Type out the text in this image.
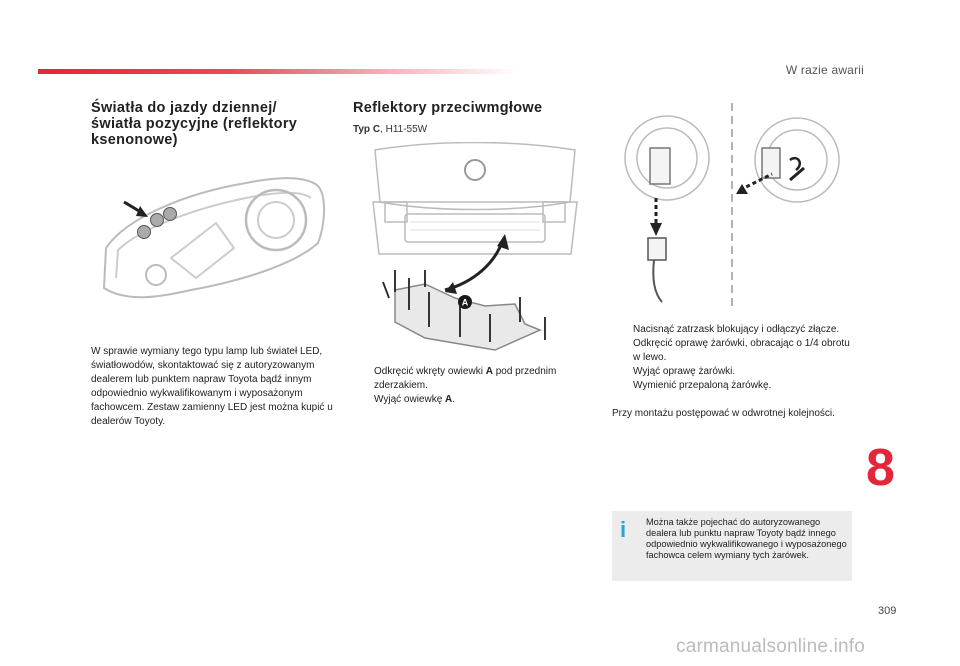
W razie awarii
Światła do jazdy dziennej/ światła pozycyjne (reflektory ksenonowe)
W sprawie wymiany tego typu lamp lub świateł LED, światłowodów, skontaktować się z autoryzowanym dealerem lub punktem napraw Toyota bądź innym odpowiednio wykwalifikowanym i wyposażonym fachowcem. Zestaw zamienny LED jest można kupić u dealerów Toyoty.
Reflektory przeciwmgłowe
Typ C, H11-55W
A
Odkręcić wkręty owiewki A pod przednim zderzakiem.
Wyjąć owiewkę A.
Nacisnąć zatrzask blokujący i odłączyć złącze.
Odkręcić oprawę żarówki, obracając o 1/4 obrotu w lewo.
Wyjąć oprawę żarówki.
Wymienić przepaloną żarówkę.
Przy montażu postępować w odwrotnej kolejności.
i	Można także pojechać do autoryzowanego dealera lub punktu napraw Toyoty bądź innego odpowiednio wykwalifikowanego i wyposażonego fachowca celem wymiany tych żarówek.
8
309
carmanualsonline.info
